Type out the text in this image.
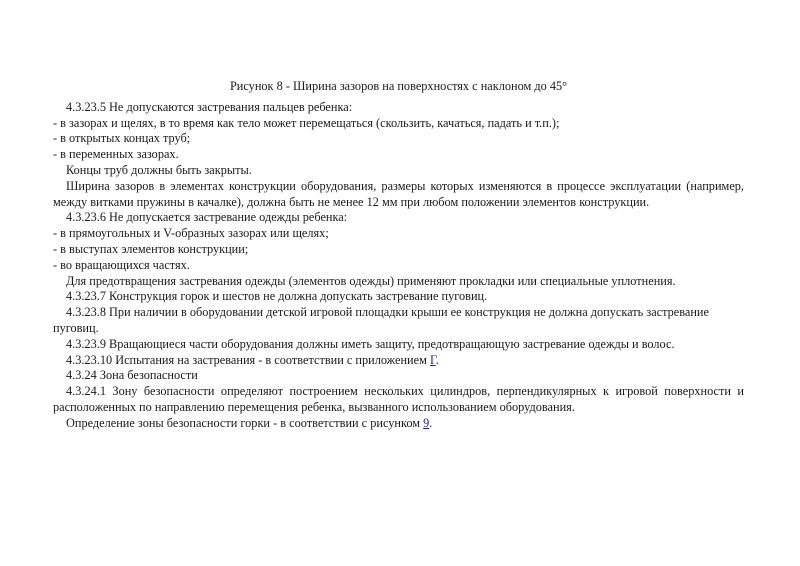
Рисунок 8 - Ширина зазоров на поверхностях с наклоном до 45°

4.3.23.5 Не допускаются застревания пальцев ребенка:

- в зазорах и щелях, в то время как тело может перемещаться (скользить, качаться, падать и т.п.);

- в открытых концах труб;

- в переменных зазорах.

Концы труб должны быть закрыты.

Ширина зазоров в элементах конструкции оборудования, размеры которых изменяются в процессе эксплуатации (например, между витками пружины в качалке), должна быть не менее 12 мм при любом положении элементов конструкции.

4.3.23.6 Не допускается застревание одежды ребенка:

- в прямоугольных и V-образных зазорах или щелях;

- в выступах элементов конструкции;

- во вращающихся частях.

Для предотвращения застревания одежды (элементов одежды) применяют прокладки или специальные уплотнения.

4.3.23.7 Конструкция горок и шестов не должна допускать застревание пуговиц.

4.3.23.8 При наличии в оборудовании детской игровой площадки крыши ее конструкция не должна допускать застревание пуговиц.

4.3.23.9 Вращающиеся части оборудования должны иметь защиту, предотвращающую застревание одежды и волос.

4.3.23.10 Испытания на застревания - в соответствии с приложением Г.

4.3.24 Зона безопасности

4.3.24.1 Зону безопасности определяют построением нескольких цилиндров, перпендикулярных к игровой поверхности и расположенных по направлению перемещения ребенка, вызванного использованием оборудования.

Определение зоны безопасности горки - в соответствии с рисунком 9.
